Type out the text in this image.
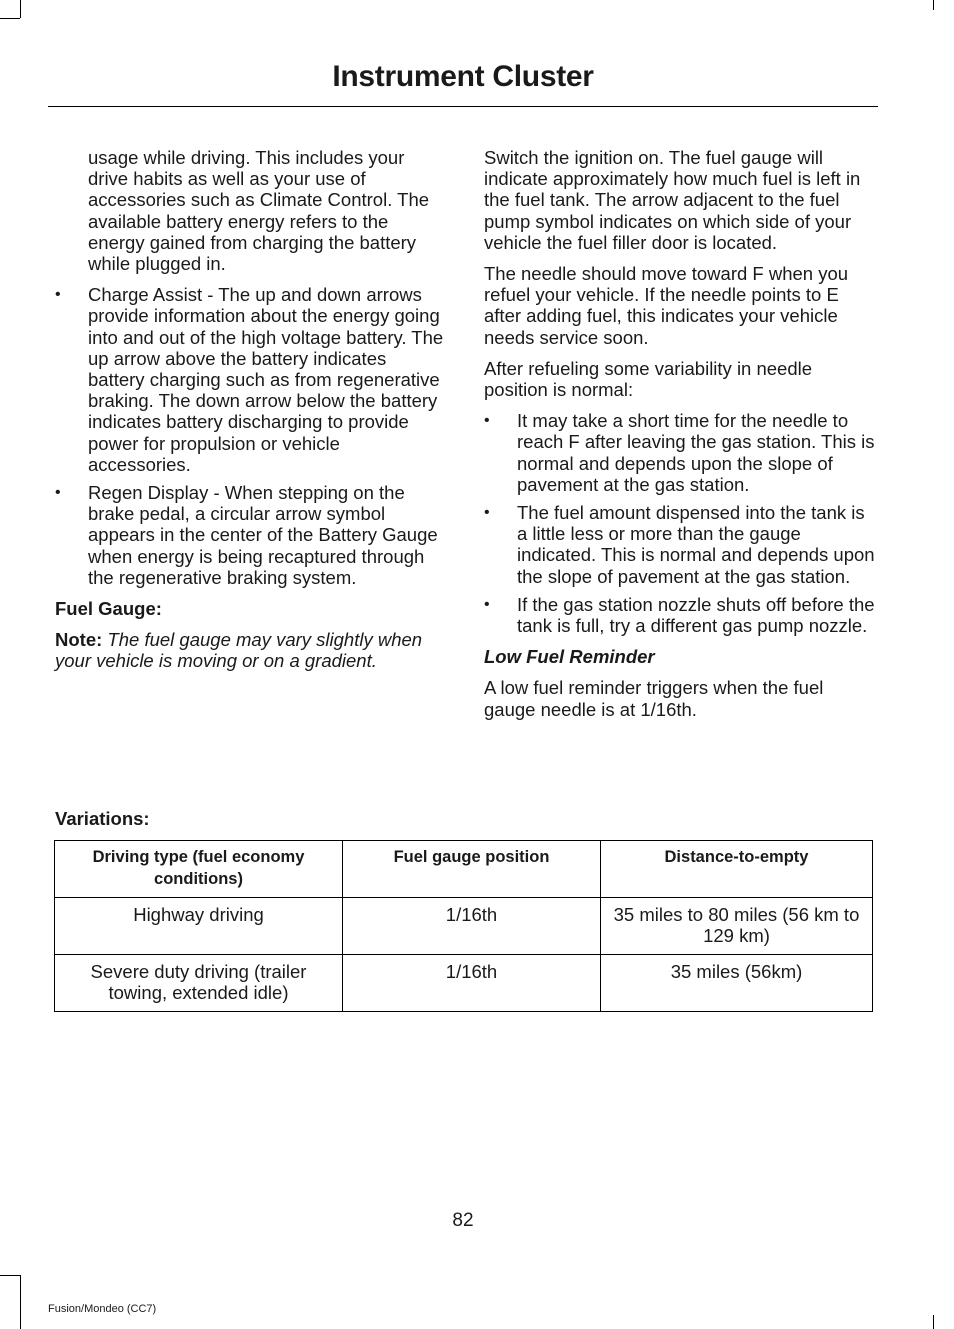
Instrument Cluster

usage while driving. This includes your drive habits as well as your use of accessories such as Climate Control. The available battery energy refers to the energy gained from charging the battery while plugged in.

• Charge Assist - The up and down arrows provide information about the energy going into and out of the high voltage battery. The up arrow above the battery indicates battery charging such as from regenerative braking. The down arrow below the battery indicates battery discharging to provide power for propulsion or vehicle accessories.
• Regen Display - When stepping on the brake pedal, a circular arrow symbol appears in the center of the Battery Gauge when energy is being recaptured through the regenerative braking system.

Fuel Gauge:

Note: The fuel gauge may vary slightly when your vehicle is moving or on a gradient.

Switch the ignition on. The fuel gauge will indicate approximately how much fuel is left in the fuel tank. The arrow adjacent to the fuel pump symbol indicates on which side of your vehicle the fuel filler door is located.

The needle should move toward F when you refuel your vehicle. If the needle points to E after adding fuel, this indicates your vehicle needs service soon.

After refueling some variability in needle position is normal:

• It may take a short time for the needle to reach F after leaving the gas station. This is normal and depends upon the slope of pavement at the gas station.
• The fuel amount dispensed into the tank is a little less or more than the gauge indicated. This is normal and depends upon the slope of pavement at the gas station.
• If the gas station nozzle shuts off before the tank is full, try a different gas pump nozzle.

Low Fuel Reminder

A low fuel reminder triggers when the fuel gauge needle is at 1/16th.

Variations:

Driving type (fuel economy conditions)	Fuel gauge position	Distance-to-empty
Highway driving	1/16th	35 miles to 80 miles (56 km to 129 km)
Severe duty driving (trailer towing, extended idle)	1/16th	35 miles (56km)
82
Fusion/Mondeo (CC7)
